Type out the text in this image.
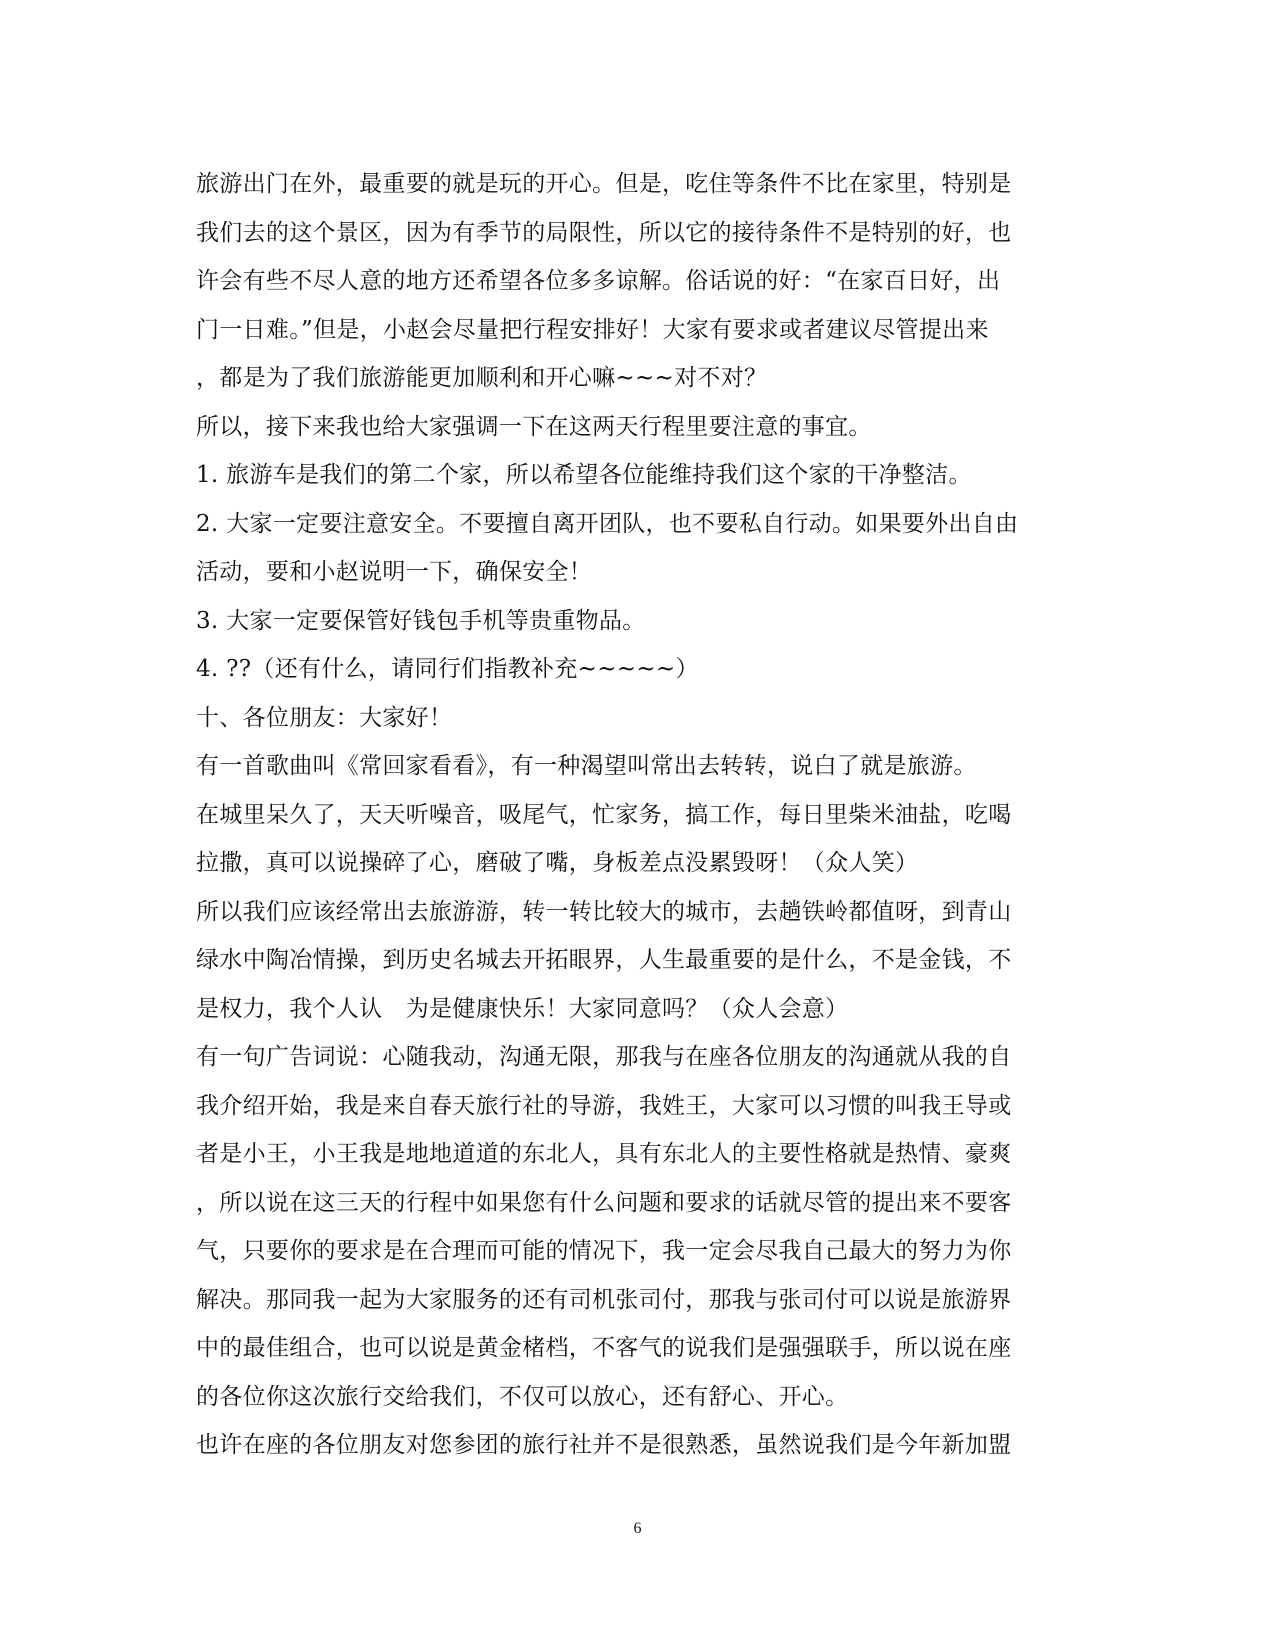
旅游出门在外，最重要的就是玩的开心。但是，吃住等条件不比在家里，特别是
我们去的这个景区，因为有季节的局限性，所以它的接待条件不是特别的好，也
许会有些不尽人意的地方还希望各位多多谅解。俗话说的好：“在家百日好，出
门一日难。”但是，小赵会尽量把行程安排好！大家有要求或者建议尽管提出来
，都是为了我们旅游能更加顺利和开心嘛~~~对不对？
所以，接下来我也给大家强调一下在这两天行程里要注意的事宜。
1. 旅游车是我们的第二个家，所以希望各位能维持我们这个家的干净整洁。
2. 大家一定要注意安全。不要擅自离开团队，也不要私自行动。如果要外出自由
活动，要和小赵说明一下，确保安全！
3. 大家一定要保管好钱包手机等贵重物品。
4. ??（还有什么，请同行们指教补充~~~~~）
十、各位朋友：大家好！
有一首歌曲叫《常回家看看》，有一种渴望叫常出去转转，说白了就是旅游。
在城里呆久了，天天听噪音，吸尾气，忙家务，搞工作，每日里柴米油盐，吃喝
拉撒，真可以说操碎了心，磨破了嘴，身板差点没累毁呀！（众人笑）
所以我们应该经常出去旅游游，转一转比较大的城市，去趟铁岭都值呀，到青山
绿水中陶冶情操，到历史名城去开拓眼界，人生最重要的是什么，不是金钱，不
是权力，我个人认　为是健康快乐！大家同意吗？（众人会意）
有一句广告词说：心随我动，沟通无限，那我与在座各位朋友的沟通就从我的自
我介绍开始，我是来自春天旅行社的导游，我姓王，大家可以习惯的叫我王导或
者是小王，小王我是地地道道的东北人，具有东北人的主要性格就是热情、豪爽
，所以说在这三天的行程中如果您有什么问题和要求的话就尽管的提出来不要客
气，只要你的要求是在合理而可能的情况下，我一定会尽我自己最大的努力为你
解决。那同我一起为大家服务的还有司机张司付，那我与张司付可以说是旅游界
中的最佳组合，也可以说是黄金楮档，不客气的说我们是强强联手，所以说在座
的各位你这次旅行交给我们，不仅可以放心，还有舒心、开心。
也许在座的各位朋友对您参团的旅行社并不是很熟悉，虽然说我们是今年新加盟
6
